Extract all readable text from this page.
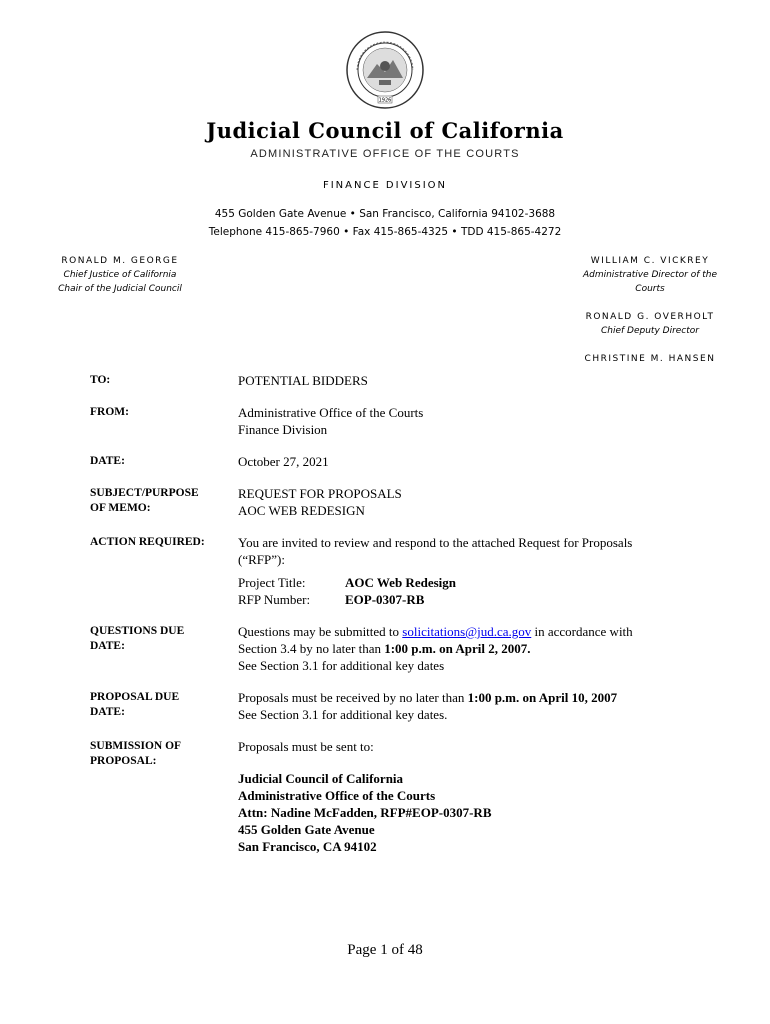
1926
Judicial Council of California
ADMINISTRATIVE OFFICE OF THE COURTS
FINANCE DIVISION
455 Golden Gate Avenue • San Francisco, California 94102-3688
Telephone 415-865-7960 • Fax 415-865-4325 • TDD 415-865-4272
RONALD M. GEORGE
Chief Justice of California
Chair of the Judicial Council
WILLIAM C. VICKREY
Administrative Director of the
Courts
RONALD G. OVERHOLT
Chief Deputy Director
CHRISTINE M. HANSEN
TO:	POTENTIAL BIDDERS
FROM:	Administrative Office of the Courts
Finance Division
DATE:	October 27, 2021
SUBJECT/PURPOSE
OF MEMO:
REQUEST FOR PROPOSALS
AOC WEB REDESIGN
ACTION REQUIRED:	You are invited to review and respond to the attached Request for Proposals
(“RFP”):
Project Title:	AOC Web Redesign
RFP Number:	EOP-0307-RB
QUESTIONS DUE
DATE:
Questions may be submitted to solicitations@jud.ca.gov in accordance with
Section 3.4 by no later than 1:00 p.m. on April 2, 2007.
See Section 3.1 for additional key dates
PROPOSAL DUE
DATE:
Proposals must be received by no later than 1:00 p.m. on April 10, 2007
See Section 3.1 for additional key dates.
SUBMISSION OF
PROPOSAL:
Proposals must be sent to:
Judicial Council of California
Administrative Office of the Courts
Attn: Nadine McFadden, RFP#EOP-0307-RB
455 Golden Gate Avenue
San Francisco, CA 94102
Page 1 of 48
